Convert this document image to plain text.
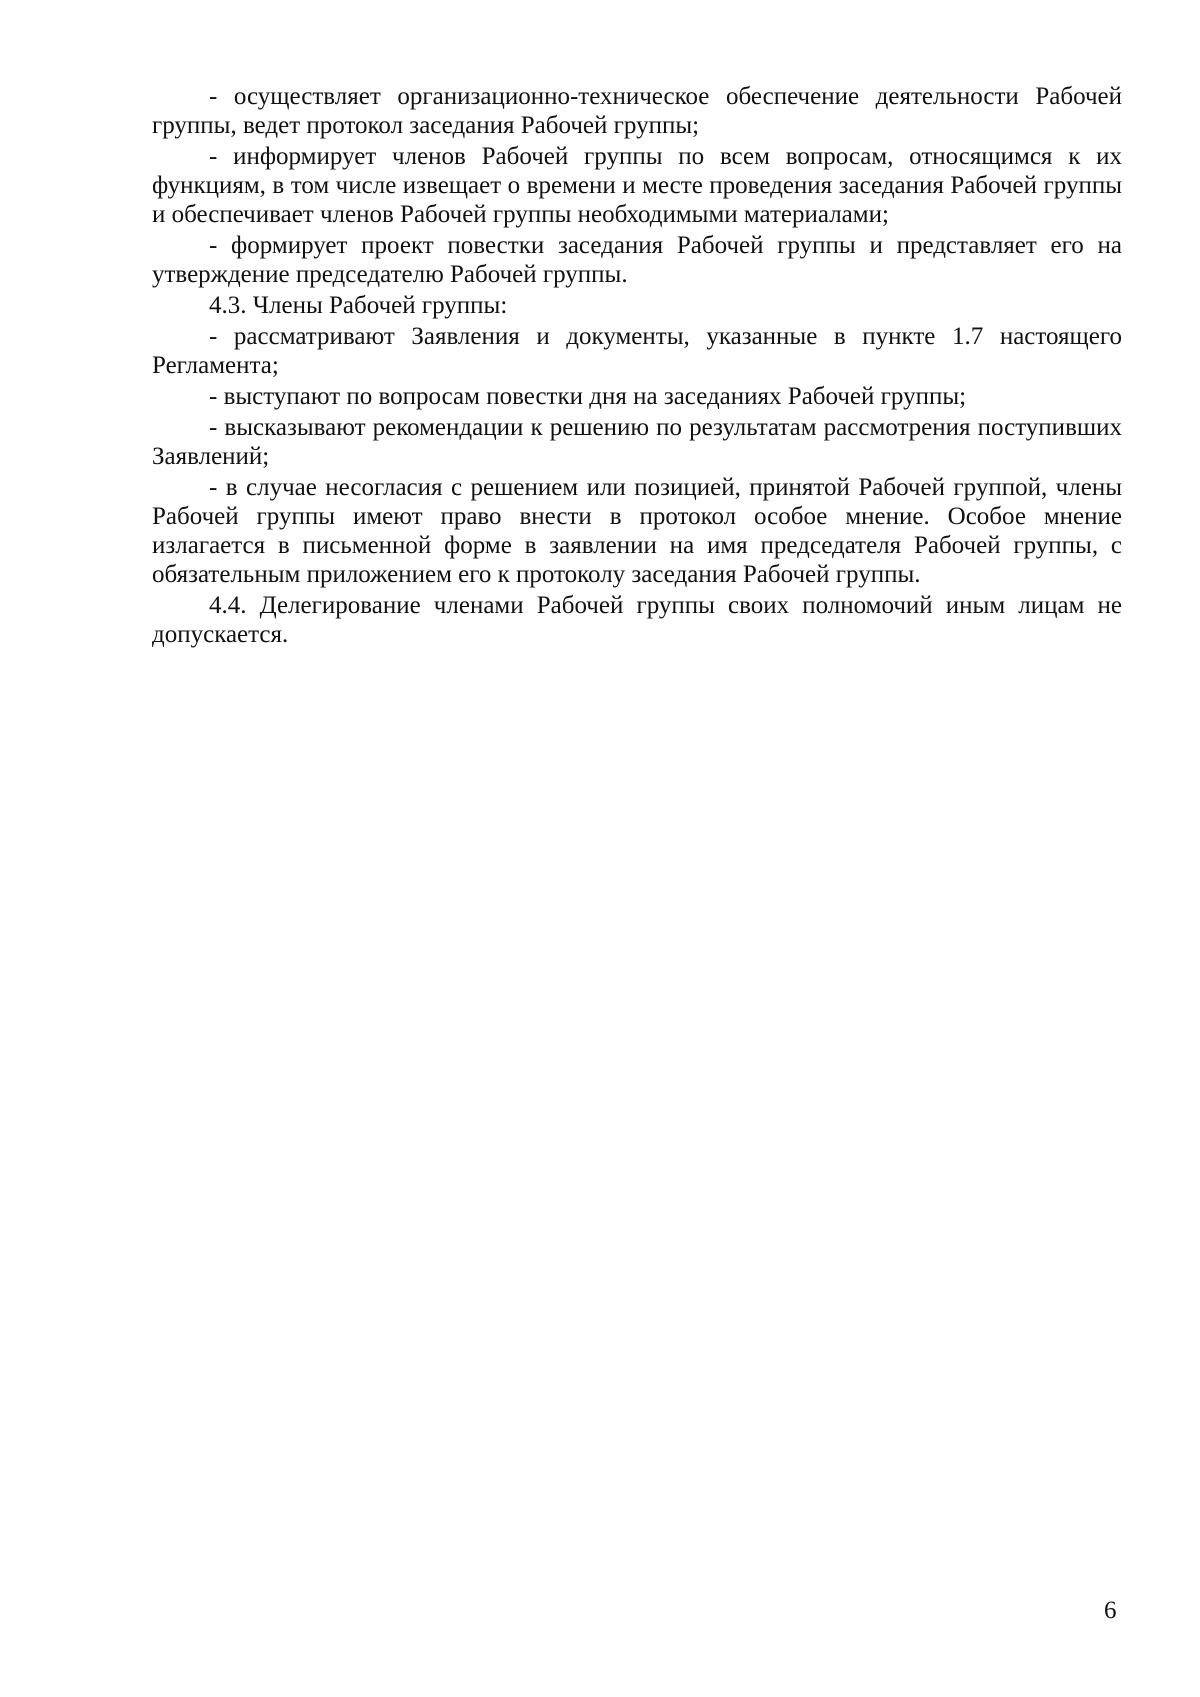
- осуществляет организационно-техническое обеспечение деятельности Рабочей группы, ведет протокол заседания Рабочей группы;

- информирует членов Рабочей группы по всем вопросам, относящимся к их функциям, в том числе извещает о времени и месте проведения заседания Рабочей группы и обеспечивает членов Рабочей группы необходимыми материалами;

- формирует проект повестки заседания Рабочей группы и представляет его на утверждение председателю Рабочей группы.

4.3. Члены Рабочей группы:

- рассматривают Заявления и документы, указанные в пункте 1.7 настоящего Регламента;

- выступают по вопросам повестки дня на заседаниях Рабочей группы;

- высказывают рекомендации к решению по результатам рассмотрения поступивших Заявлений;

- в случае несогласия с решением или позицией, принятой Рабочей группой, члены Рабочей группы имеют право внести в протокол особое мнение. Особое мнение излагается в письменной форме в заявлении на имя председателя Рабочей группы, с обязательным приложением его к протоколу заседания Рабочей группы.

4.4. Делегирование членами Рабочей группы своих полномочий иным лицам не допускается.

6
